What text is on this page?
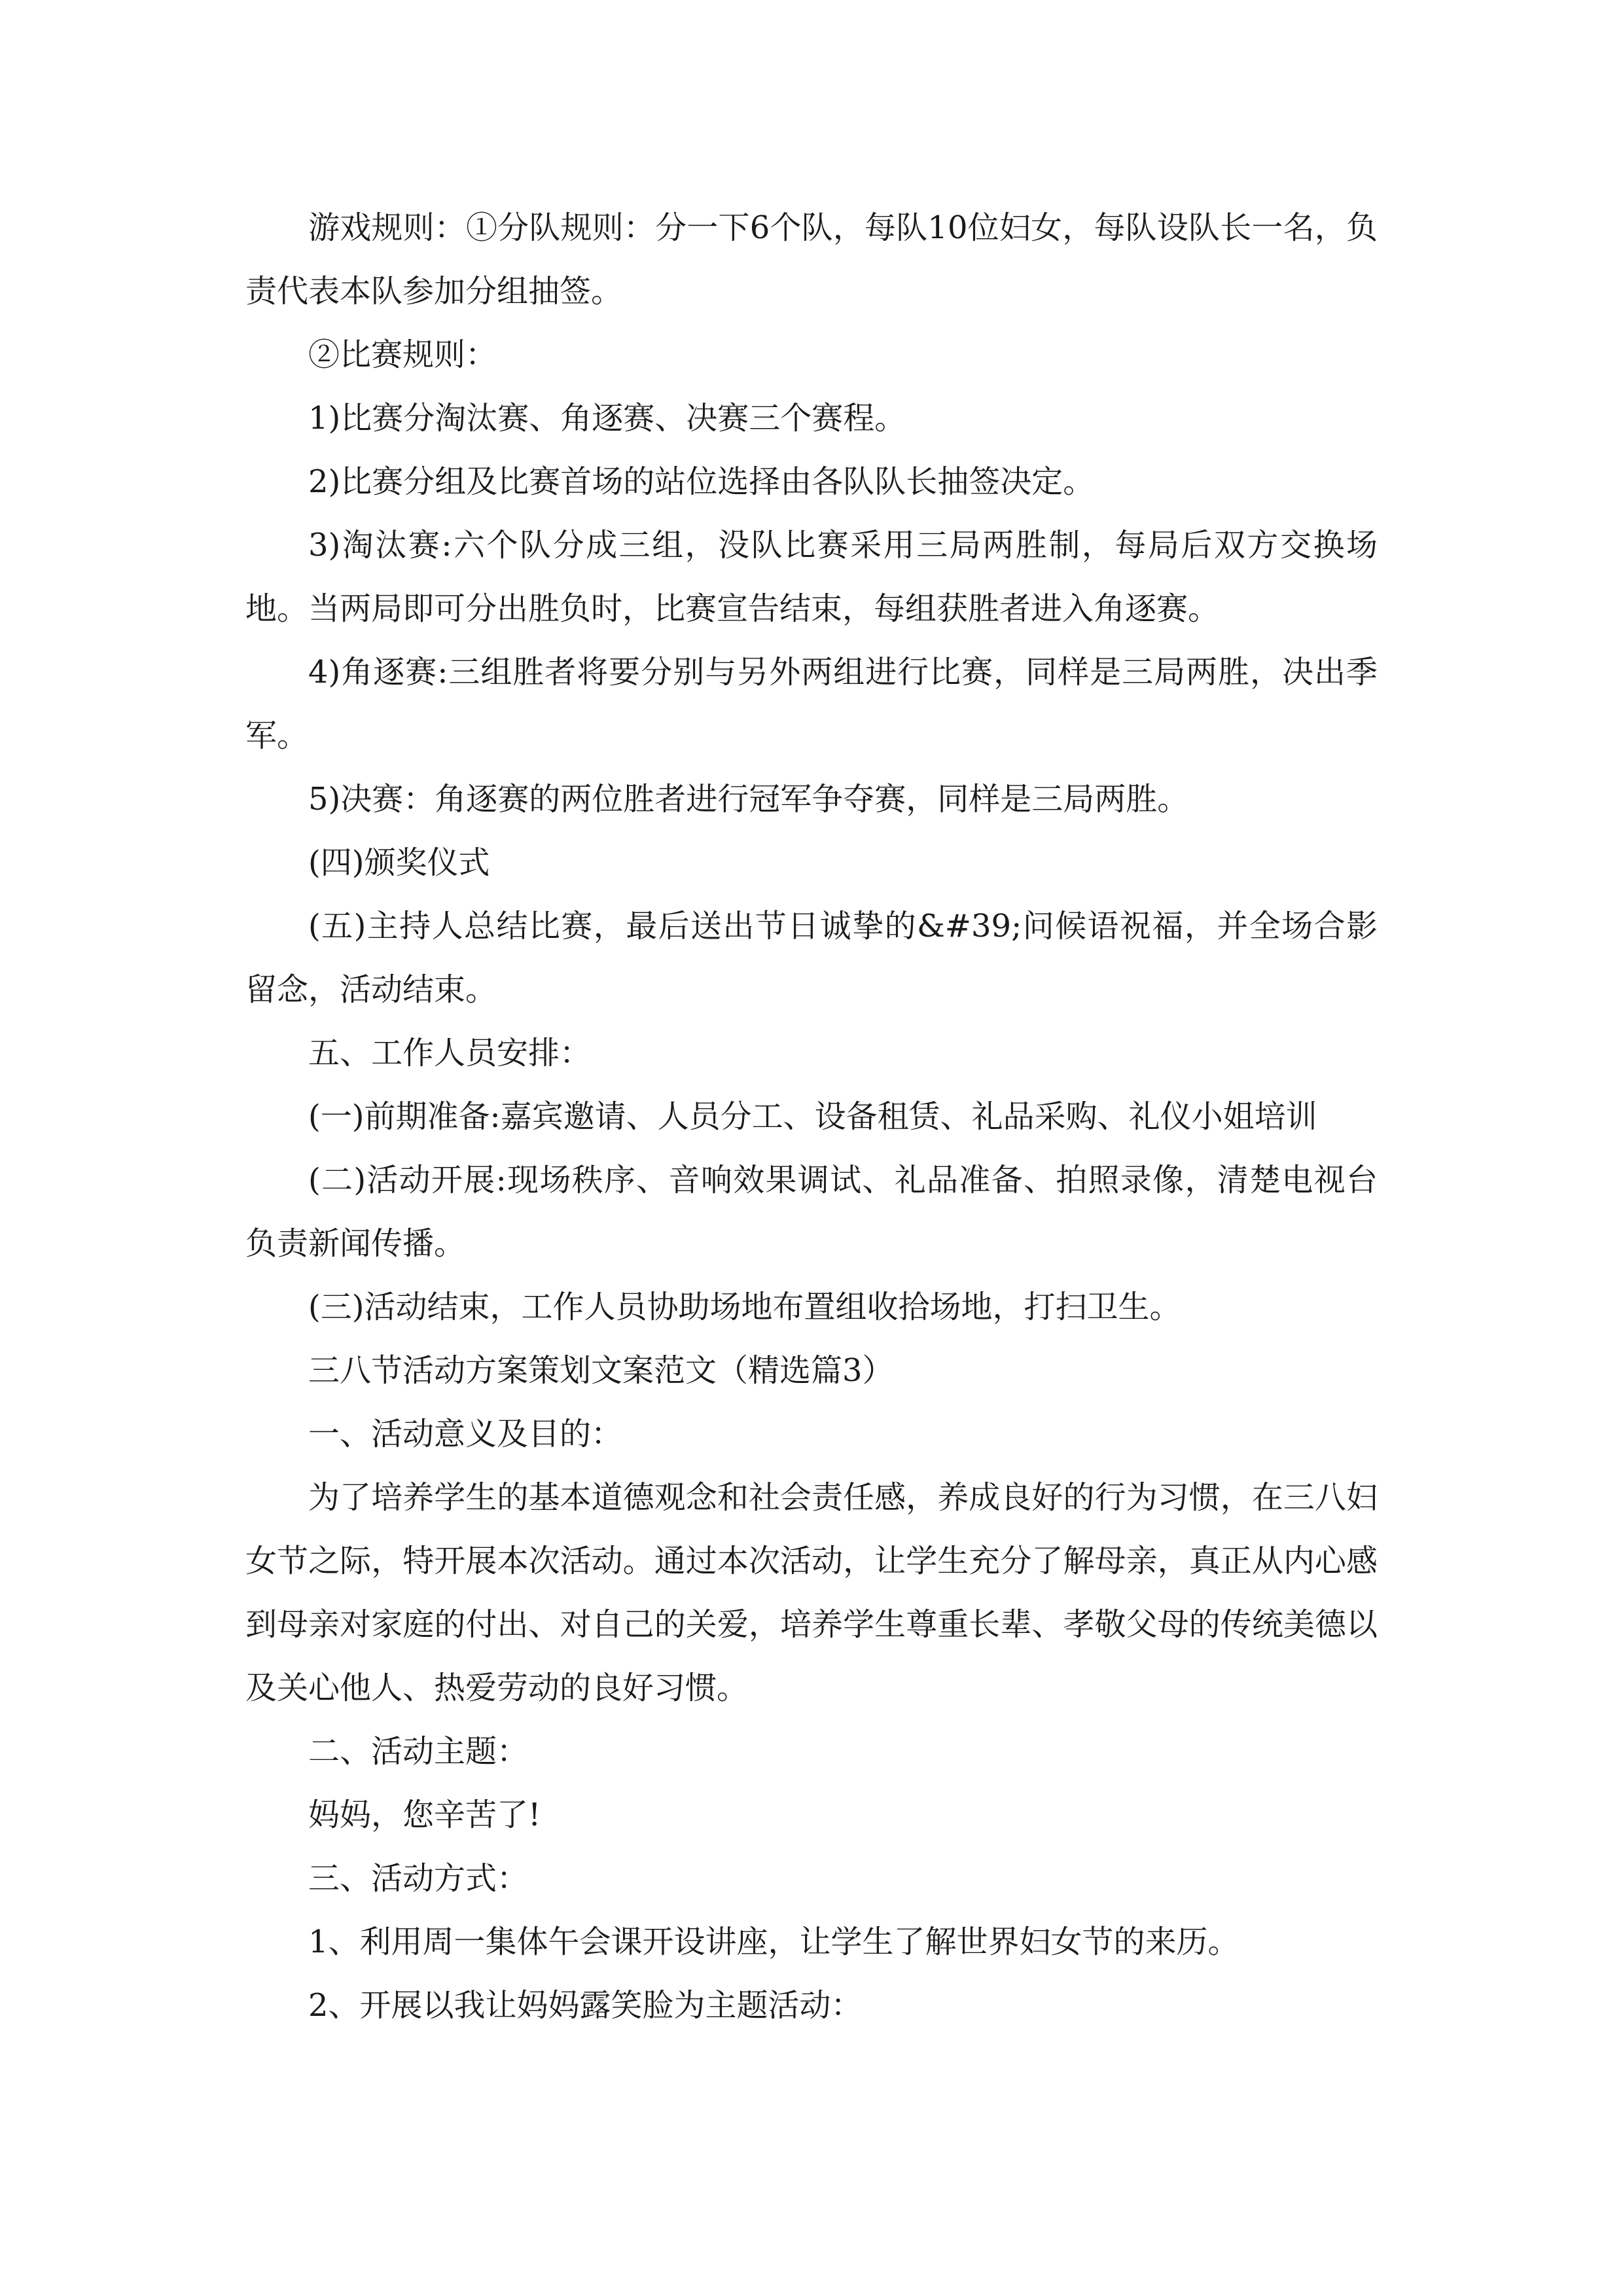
游戏规则：①分队规则：分一下6个队，每队10位妇女，每队设队长一名，负责代表本队参加分组抽签。

②比赛规则：

1)比赛分淘汰赛、角逐赛、决赛三个赛程。

2)比赛分组及比赛首场的站位选择由各队队长抽签决定。

3)淘汰赛:六个队分成三组，没队比赛采用三局两胜制，每局后双方交换场地。当两局即可分出胜负时，比赛宣告结束，每组获胜者进入角逐赛。

4)角逐赛:三组胜者将要分别与另外两组进行比赛，同样是三局两胜，决出季军。

5)决赛：角逐赛的两位胜者进行冠军争夺赛，同样是三局两胜。

(四)颁奖仪式

(五)主持人总结比赛，最后送出节日诚挚的&#39;问候语祝福，并全场合影留念，活动结束。

五、工作人员安排：

(一)前期准备:嘉宾邀请、人员分工、设备租赁、礼品采购、礼仪小姐培训

(二)活动开展:现场秩序、音响效果调试、礼品准备、拍照录像，清楚电视台负责新闻传播。

(三)活动结束，工作人员协助场地布置组收拾场地，打扫卫生。

三八节活动方案策划文案范文（精选篇3）

一、活动意义及目的：

为了培养学生的基本道德观念和社会责任感，养成良好的行为习惯，在三八妇女节之际，特开展本次活动。通过本次活动，让学生充分了解母亲，真正从内心感到母亲对家庭的付出、对自己的关爱，培养学生尊重长辈、孝敬父母的传统美德以及关心他人、热爱劳动的良好习惯。

二、活动主题：

妈妈，您辛苦了!

三、活动方式：

1、利用周一集体午会课开设讲座，让学生了解世界妇女节的来历。

2、开展以我让妈妈露笑脸为主题活动：
